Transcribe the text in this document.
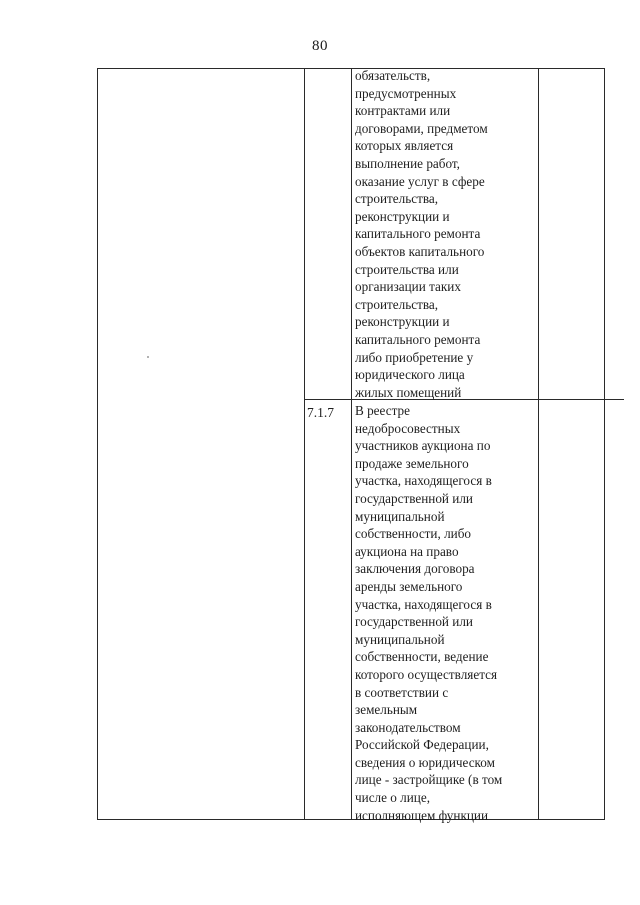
80
обязательств,
предусмотренных
контрактами или
договорами, предметом
которых является
выполнение работ,
оказание услуг в сфере
строительства,
реконструкции и
капитального ремонта
объектов капитального
строительства или
организации таких
строительства,
реконструкции и
капитального ремонта
либо приобретение у
юридического лица
жилых помещений
7.1.7 В реестре
недобросовестных
участников аукциона по
продаже земельного
участка, находящегося в
государственной или
муниципальной
собственности, либо
аукциона на право
заключения договора
аренды земельного
участка, находящегося в
государственной или
муниципальной
собственности, ведение
которого осуществляется
в соответствии с
земельным
законодательством
Российской Федерации,
сведения о юридическом
лице - застройщике (в том
числе о лице,
исполняющем функции
